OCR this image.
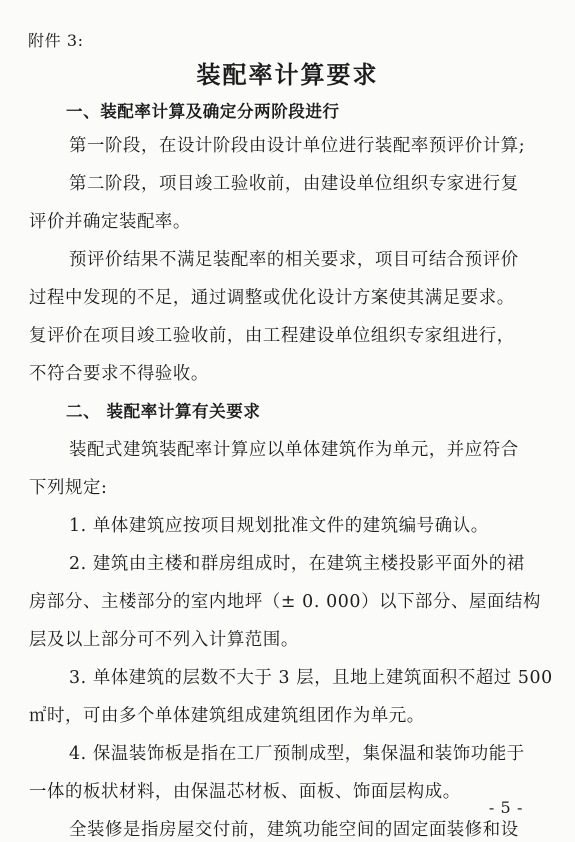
附件 3:
装配率计算要求
一、装配率计算及确定分两阶段进行
第一阶段，在设计阶段由设计单位进行装配率预评价计算;
第二阶段，项目竣工验收前，由建设单位组织专家进行复
评价并确定装配率。
预评价结果不满足装配率的相关要求，项目可结合预评价
过程中发现的不足，通过调整或优化设计方案使其满足要求。
复评价在项目竣工验收前，由工程建设单位组织专家组进行，
不符合要求不得验收。
二、 装配率计算有关要求
装配式建筑装配率计算应以单体建筑作为单元，并应符合
下列规定:
1. 单体建筑应按项目规划批准文件的建筑编号确认。
2. 建筑由主楼和群房组成时，在建筑主楼投影平面外的裙
房部分、主楼部分的室内地坪（± 0. 000）以下部分、屋面结构
层及以上部分可不列入计算范围。
3. 单体建筑的层数不大于 3 层，且地上建筑面积不超过 500
㎡时，可由多个单体建筑组成建筑组团作为单元。
4. 保温装饰板是指在工厂预制成型，集保温和装饰功能于
一体的板状材料，由保温芯材板、面板、饰面层构成。
全装修是指房屋交付前，建筑功能空间的固定面装修和设
- 5 -
